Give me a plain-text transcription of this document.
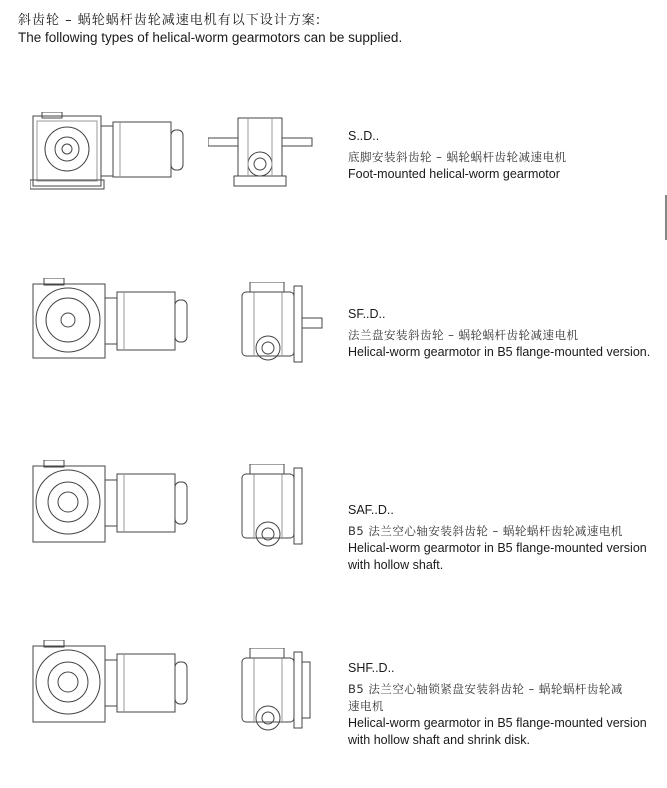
斜齿轮 – 蜗轮蜗杆齿轮减速电机有以下设计方案:
The following types of helical-worm gearmotors can be supplied.
S..D..
底脚安装斜齿轮 – 蜗轮蜗杆齿轮减速电机
Foot-mounted helical-worm gearmotor
SF..D..
法兰盘安装斜齿轮 – 蜗轮蜗杆齿轮减速电机
Helical-worm gearmotor in B5 flange-mounted version.
SAF..D..
B5 法兰空心轴安装斜齿轮 – 蜗轮蜗杆齿轮减速电机
Helical-worm gearmotor in B5 flange-mounted version
with hollow shaft.
SHF..D..
B5 法兰空心轴锁紧盘安装斜齿轮 – 蜗轮蜗杆齿轮减
速电机
Helical-worm gearmotor in B5 flange-mounted version
with hollow shaft and shrink disk.
